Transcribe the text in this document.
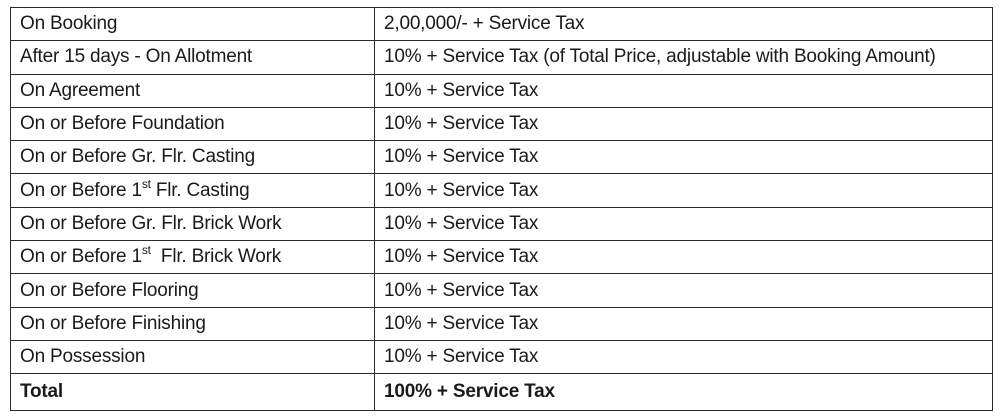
On Booking	2,00,000/- + Service Tax
After 15 days - On Allotment	10% + Service Tax (of Total Price, adjustable with Booking Amount)
On Agreement	10% + Service Tax
On or Before Foundation	10% + Service Tax
On or Before Gr. Flr. Casting	10% + Service Tax
On or Before 1st Flr. Casting	10% + Service Tax
On or Before Gr. Flr. Brick Work	10% + Service Tax
On or Before 1st  Flr. Brick Work	10% + Service Tax
On or Before Flooring	10% + Service Tax
On or Before Finishing	10% + Service Tax
On Possession	10% + Service Tax
Total	100% + Service Tax
